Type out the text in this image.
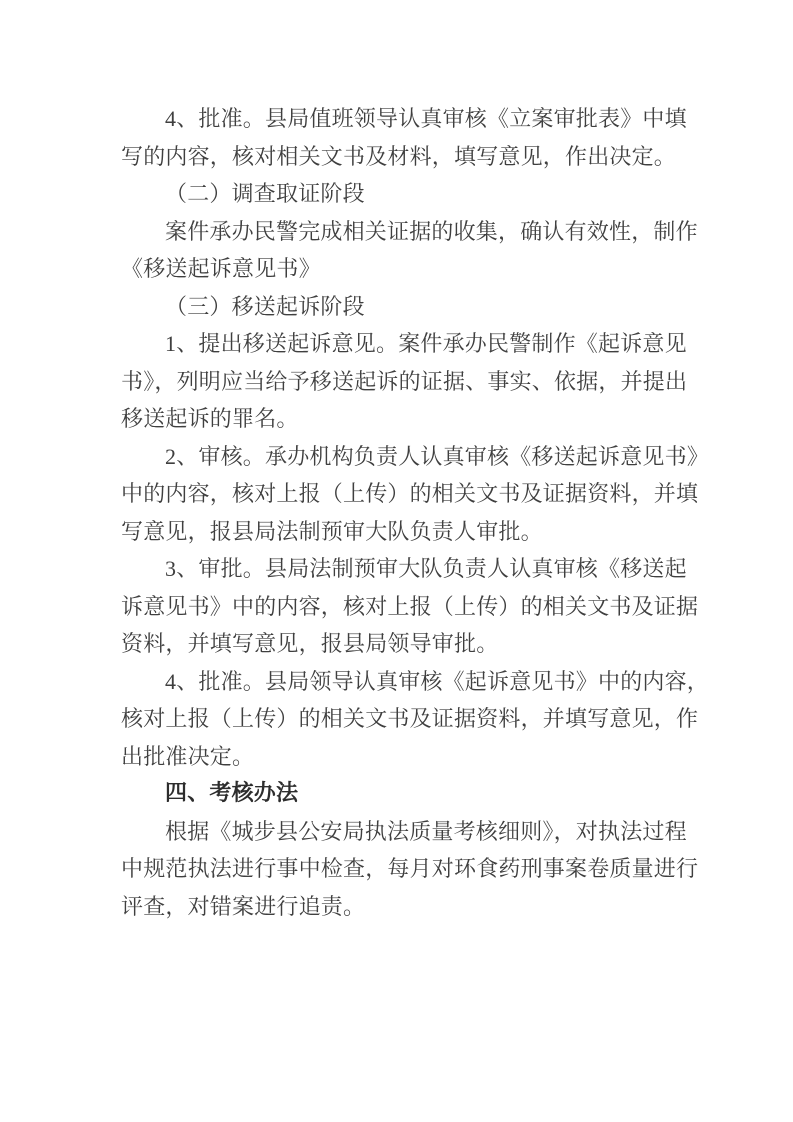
4、批准。县局值班领导认真审核《立案审批表》中填
写的内容，核对相关文书及材料，填写意见，作出决定。

（二）调查取证阶段

案件承办民警完成相关证据的收集，确认有效性，制作
《移送起诉意见书》

（三）移送起诉阶段

1、提出移送起诉意见。案件承办民警制作《起诉意见
书》，列明应当给予移送起诉的证据、事实、依据，并提出
移送起诉的罪名。

2、审核。承办机构负责人认真审核《移送起诉意见书》
中的内容，核对上报（上传）的相关文书及证据资料，并填
写意见，报县局法制预审大队负责人审批。

3、审批。县局法制预审大队负责人认真审核《移送起
诉意见书》中的内容，核对上报（上传）的相关文书及证据
资料，并填写意见，报县局领导审批。

4、批准。县局领导认真审核《起诉意见书》中的内容，
核对上报（上传）的相关文书及证据资料，并填写意见，作
出批准决定。

四、考核办法

根据《城步县公安局执法质量考核细则》，对执法过程
中规范执法进行事中检查，每月对环食药刑事案卷质量进行
评查，对错案进行追责。
